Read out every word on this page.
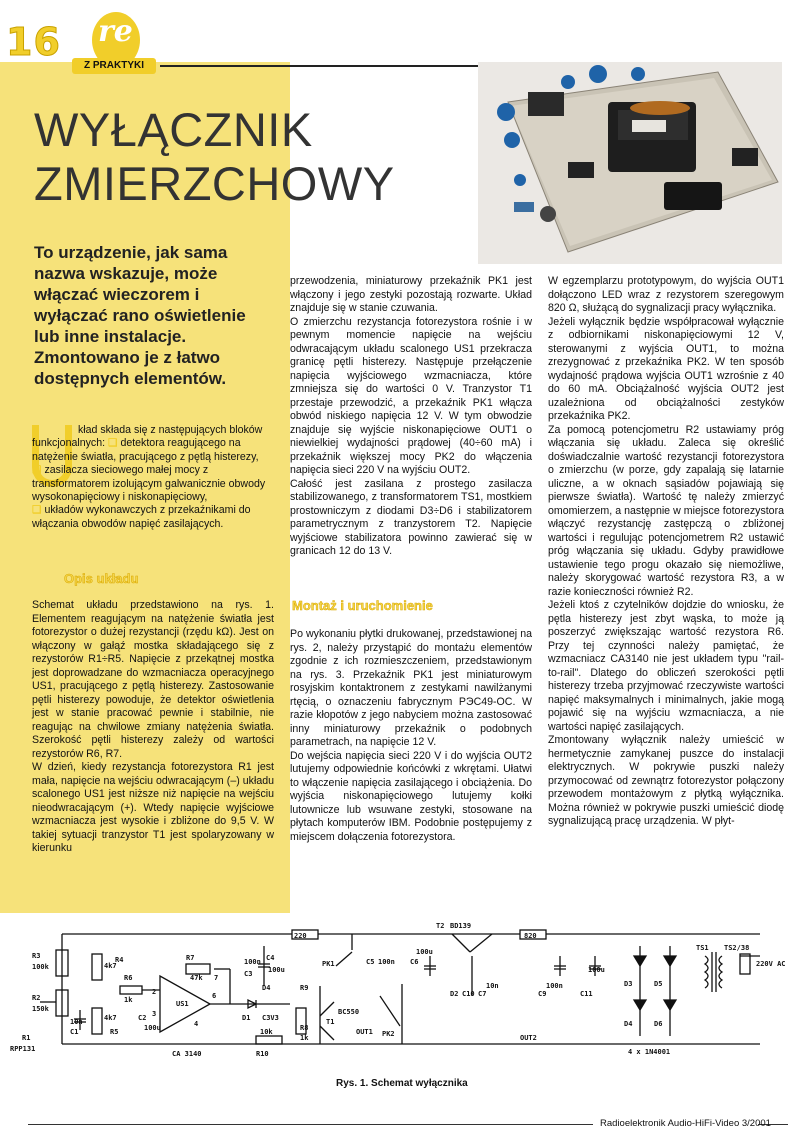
16 re
Z PRAKTYKI
WYŁĄCZNIK
ZMIERZCHOWY

To urządzenie, jak sama nazwa wskazuje, może włączać wieczorem i wyłączać rano oświetlenie lub inne instalacje. Zmontowano je z łatwo dostępnych elementów.

kład składa się z następujących bloków funkcjonalnych: ❑ detektora reagującego na natężenie światła, pracującego z pętlą histerezy,
❑ zasilacza sieciowego małej mocy z transformatorem izolującym galwanicznie obwody wysokonapięciowy i niskonapięciowy,
❑ układów wykonawczych z przekaźnikami do włączania obwodów napięć zasilających.
Opis układu

Schemat układu przedstawiono na rys. 1. Elementem reagującym na natężenie światła jest fotorezystor o dużej rezystancji (rzędu kΩ). Jest on włączony w gałąź mostka składającego się z rezystorów R1÷R5. Napięcie z przekątnej mostka jest doprowadzane do wzmacniacza operacyjnego US1, pracującego z pętlą histerezy. Zastosowanie pętli histerezy powoduje, że detektor oświetlenia jest w stanie pracować pewnie i stabilnie, nie reagując na chwilowe zmiany natężenia światła. Szerokość pętli histerezy zależy od wartości rezystorów R6, R7.

W dzień, kiedy rezystancja fotorezystora R1 jest mała, napięcie na wejściu odwracającym (–) układu scalonego US1 jest niższe niż napięcie na wejściu nieodwracającym (+). Wtedy napięcie wyjściowe wzmacniacza jest wysokie i zbliżone do 9,5 V. W takiej sytuacji tranzystor T1 jest spolaryzowany w kierunku

przewodzenia, miniaturowy przekaźnik PK1 jest włączony i jego zestyki pozostają rozwarte. Układ znajduje się w stanie czuwania.

O zmierzchu rezystancja fotorezystora rośnie i w pewnym momencie napięcie na wejściu odwracającym układu scalonego US1 przekracza granicę pętli histerezy. Następuje przełączenie napięcia wyjściowego wzmacniacza, które zmniejsza się do wartości 0 V. Tranzystor T1 przestaje przewodzić, a przekaźnik PK1 włącza obwód niskiego napięcia 12 V. W tym obwodzie znajduje się wyjście niskonapięciowe OUT1 o niewielkiej wydajności prądowej (40÷60 mA) i przekaźnik większej mocy PK2 do włączenia napięcia sieci 220 V na wyjściu OUT2.

Całość jest zasilana z prostego zasilacza stabilizowanego, z transformatorem TS1, mostkiem prostowniczym z diodami D3÷D6 i stabilizatorem parametrycznym z tranzystorem T2. Napięcie wyjściowe stabilizatora powinno zawierać się w granicach 12 do 13 V.

Montaż i uruchomienie

Po wykonaniu płytki drukowanej, przedstawionej na rys. 2, należy przystąpić do montażu elementów zgodnie z ich rozmieszczeniem, przedstawionym na rys. 3. Przekaźnik PK1 jest miniaturowym rosyjskim kontaktronem z zestykami nawilżanymi rtęcią, o oznaczeniu fabrycznym PЭC49-OC. W razie kłopotów z jego nabyciem można zastosować inny miniaturowy przekaźnik o podobnych parametrach, na napięcie 12 V.

Do wejścia napięcia sieci 220 V i do wyjścia OUT2 lutujemy odpowiednie końcówki z wkrętami. Ułatwi to włączenie napięcia zasilającego i obciążenia. Do wyjścia niskonapięciowego lutujemy kołki lutownicze lub wsuwane zestyki, stosowane na płytach komputerów IBM. Podobnie postępujemy z miejscem dołączenia fotorezystora.

W egzemplarzu prototypowym, do wyjścia OUT1 dołączono LED wraz z rezystorem szeregowym 820 Ω, służącą do sygnalizacji pracy wyłącznika.

Jeżeli wyłącznik będzie współpracował wyłącznie z odbiornikami niskonapięciowymi 12 V, sterowanymi z wyjścia OUT1, to można zrezygnować z przekaźnika PK2. W ten sposób wydajność prądowa wyjścia OUT1 wzrośnie z 40 do 60 mA. Obciążalność wyjścia OUT2 jest uzależniona od obciążalności zestyków przekaźnika PK2.

Za pomocą potencjometru R2 ustawiamy próg włączania się układu. Zaleca się określić doświadczalnie wartość rezystancji fotorezystora o zmierzchu (w porze, gdy zapalają się latarnie uliczne, a w oknach sąsiadów pojawiają się pierwsze światła). Wartość tę należy zmierzyć omomierzem, a następnie w miejsce fotorezystora włączyć rezystancję zastępczą o zbliżonej wartości i regulując potencjometrem R2 ustawić próg włączania się układu. Gdyby prawidłowe ustawienie tego progu okazało się niemożliwe, należy skorygować wartość rezystora R3, a w razie konieczności również R2.

Jeżeli ktoś z czytelników dojdzie do wniosku, że pętla histerezy jest zbyt wąska, to może ją poszerzyć zwiększając wartość rezystora R6. Przy tej czynności należy pamiętać, że wzmacniacz CA3140 nie jest układem typu "rail-to-rail". Dlatego do obliczeń szerokości pętli histerezy trzeba przyjmować rzeczywiste wartości napięć maksymalnych i minimalnych, jakie mogą pojawić się na wyjściu wzmacniacza, a nie wartości napięć zasilających.

Zmontowany wyłącznik należy umieścić w hermetycznie zamykanej puszce do instalacji elektrycznych. W pokrywie puszki należy przymocować od zewnątrz fotorezystor połączony przewodem montażowym z płytką wyłącznika. Można również w pokrywie puszki umieścić diodę sygnalizującą pracę urządzenia. W płyt-

R3
100k
R2
150k
R1
RPP131
C1
10n
R4
4k7
4k7
R5
R6
1k
C2
100u
R7
47k
US1
CA 3140
2
3
4
6
7
D1 C3V3
C3
100n
D4
C4
100u
R9
R8
1k
R10
10k
PK1
T1
BC550
OUT1 PK2
T2 BD139
C5 100n C6
100u
D2 C10 C7
10n
220	820
C9
100n
C11
100u
D3	D5
D4	D6
4 x 1N4001
TS1 TS2/38
220V AC
OUT2
Rys. 1. Schemat wyłącznika
Radioelektronik Audio-HiFi-Video 3/2001
